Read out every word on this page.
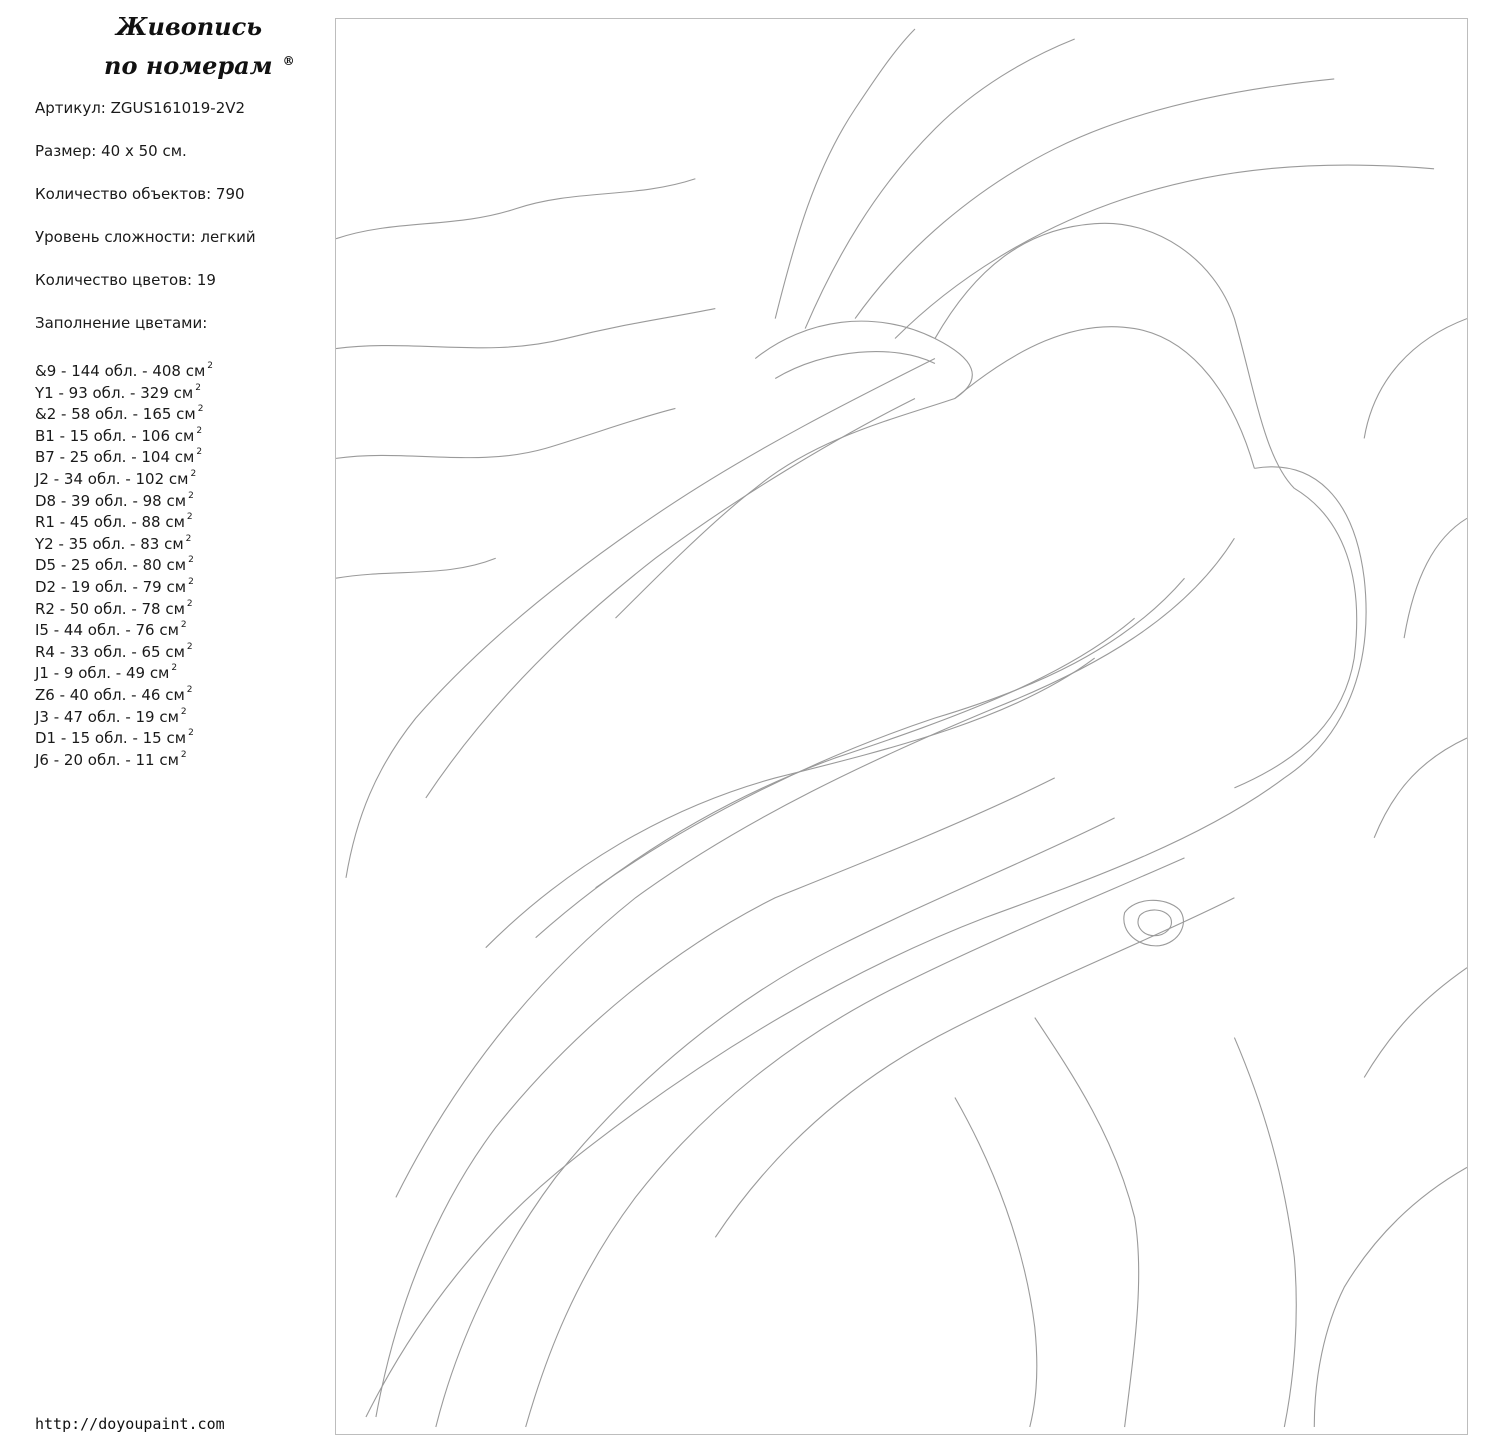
Живопись
по номерам ®
Артикул: ZGUS161019-2V2
Размер: 40 х 50 см.
Количество объектов: 790
Уровень сложности: легкий
Количество цветов: 19
Заполнение цветами:
&9 - 144 обл. - 408 см $^2$
Y1 - 93 обл. - 329 см $^2$
&2 - 58 обл. - 165 см $^2$
B1 - 15 обл. - 106 см $^2$
B7 - 25 обл. - 104 см $^2$
J2 - 34 обл. - 102 см $^2$
D8 - 39 обл. - 98 см $^2$
R1 - 45 обл. - 88 см $^2$
Y2 - 35 обл. - 83 см $^2$
D5 - 25 обл. - 80 см $^2$
D2 - 19 обл. - 79 см $^2$
R2 - 50 обл. - 78 см $^2$
I5 - 44 обл. - 76 см $^2$
R4 - 33 обл. - 65 см $^2$
J1 - 9 обл. - 49 см $^2$
Z6 - 40 обл. - 46 см $^2$
J3 - 47 обл. - 19 см $^2$
D1 - 15 обл. - 15 см $^2$
J6 - 20 обл. - 11 см $^2$
http://doyoupaint.com
